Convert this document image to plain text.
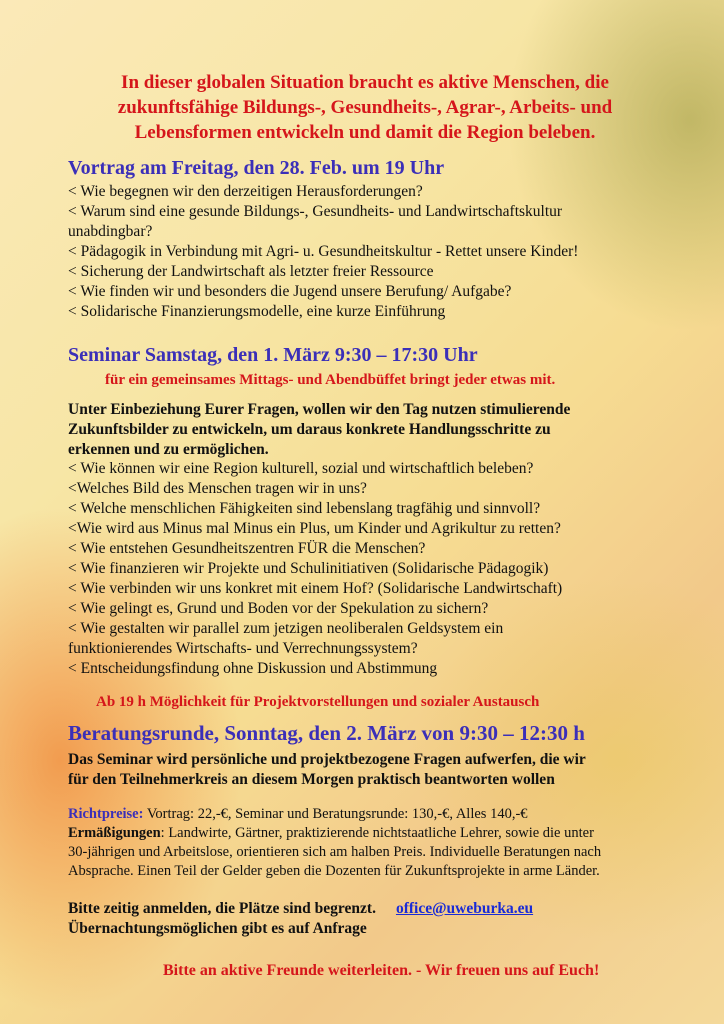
In dieser globalen Situation braucht es aktive Menschen, die
zukunftsfähige Bildungs-, Gesundheits-, Agrar-, Arbeits- und
Lebensformen entwickeln und damit die Region beleben.
Vortrag am Freitag, den 28. Feb. um 19 Uhr
< Wie begegnen wir den derzeitigen Herausforderungen?
< Warum sind eine gesunde Bildungs-, Gesundheits- und Landwirtschaftskultur
unabdingbar?
< Pädagogik in Verbindung mit Agri- u. Gesundheitskultur - Rettet unsere Kinder!
< Sicherung der Landwirtschaft als letzter freier Ressource
< Wie finden wir und besonders die Jugend unsere Berufung/ Aufgabe?
< Solidarische Finanzierungsmodelle, eine kurze Einführung
Seminar Samstag, den 1. März 9:30 – 17:30 Uhr
für ein gemeinsames Mittags- und Abendbüffet bringt jeder etwas mit.
Unter Einbeziehung Eurer Fragen, wollen wir den Tag nutzen stimulierende
Zukunftsbilder zu entwickeln, um daraus konkrete Handlungsschritte zu
erkennen und zu ermöglichen.
< Wie können wir eine Region kulturell, sozial und wirtschaftlich beleben?
<Welches Bild des Menschen tragen wir in uns?
< Welche menschlichen Fähigkeiten sind lebenslang tragfähig und sinnvoll?
<Wie wird aus Minus mal Minus ein Plus, um Kinder und Agrikultur zu retten?
< Wie entstehen Gesundheitszentren FÜR die Menschen?
< Wie finanzieren wir Projekte und Schulinitiativen (Solidarische Pädagogik)
< Wie verbinden wir uns konkret mit einem Hof? (Solidarische Landwirtschaft)
< Wie gelingt es, Grund und Boden vor der Spekulation zu sichern?
< Wie gestalten wir parallel zum jetzigen neoliberalen Geldsystem ein
funktionierendes Wirtschafts- und Verrechnungssystem?
< Entscheidungsfindung ohne Diskussion und Abstimmung
Ab 19 h Möglichkeit für Projektvorstellungen und sozialer Austausch
Beratungsrunde, Sonntag, den 2. März von 9:30 – 12:30 h
Das Seminar wird persönliche und projektbezogene Fragen aufwerfen, die wir
für den Teilnehmerkreis an diesem Morgen praktisch beantworten wollen
Richtpreise: Vortrag: 22,-€, Seminar und Beratungsrunde: 130,-€, Alles 140,-€
Ermäßigungen: Landwirte, Gärtner, praktizierende nichtstaatliche Lehrer, sowie die unter
30-jährigen und Arbeitslose, orientieren sich am halben Preis. Individuelle Beratungen nach
Absprache. Einen Teil der Gelder geben die Dozenten für Zukunftsprojekte in arme Länder.
Bitte zeitig anmelden, die Plätze sind begrenzt. office@uweburka.eu
Übernachtungsmöglichen gibt es auf Anfrage
Bitte an aktive Freunde weiterleiten. - Wir freuen uns auf Euch!
